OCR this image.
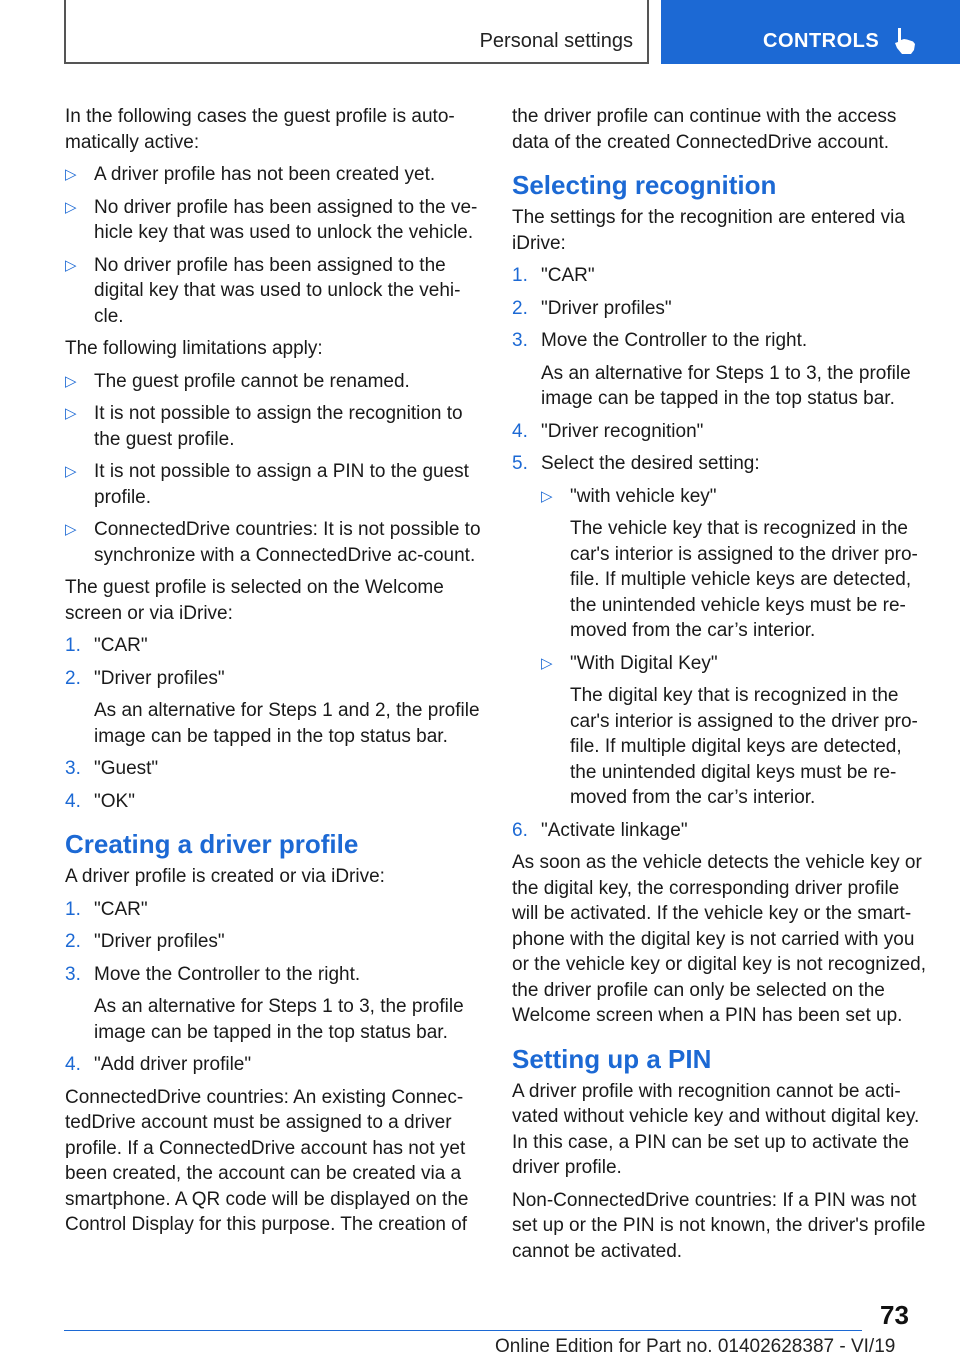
Personal settings	CONTROLS

In the following cases the guest profile is auto-matically active:

▷ A driver profile has not been created yet.
▷ No driver profile has been assigned to the ve-hicle key that was used to unlock the vehicle.
▷ No driver profile has been assigned to the digital key that was used to unlock the vehi-cle.

The following limitations apply:

▷ The guest profile cannot be renamed.
▷ It is not possible to assign the recognition to the guest profile.
▷ It is not possible to assign a PIN to the guest profile.
▷ ConnectedDrive countries: It is not possible to synchronize with a ConnectedDrive ac-count.

The guest profile is selected on the Welcome screen or via iDrive:

1. "CAR"
2. "Driver profiles"
As an alternative for Steps 1 and 2, the profile image can be tapped in the top status bar.
3. "Guest"
4. "OK"
Creating a driver profile

A driver profile is created or via iDrive:

1. "CAR"
2. "Driver profiles"
3. Move the Controller to the right.
As an alternative for Steps 1 to 3, the profile image can be tapped in the top status bar.
4. "Add driver profile"

ConnectedDrive countries: An existing Connec-tedDrive account must be assigned to a driver profile. If a ConnectedDrive account has not yet been created, the account can be created via a smartphone. A QR code will be displayed on the Control Display for this purpose. The creation of

the driver profile can continue with the access data of the created ConnectedDrive account.

Selecting recognition

The settings for the recognition are entered via iDrive:

1. "CAR"
2. "Driver profiles"
3. Move the Controller to the right.
As an alternative for Steps 1 to 3, the profile image can be tapped in the top status bar.
4. "Driver recognition"
5. Select the desired setting:
▷ "with vehicle key"
The vehicle key that is recognized in the car's interior is assigned to the driver pro-file. If multiple vehicle keys are detected, the unintended vehicle keys must be re-moved from the car’s interior.
▷ "With Digital Key"
The digital key that is recognized in the car's interior is assigned to the driver pro-file. If multiple digital keys are detected, the unintended digital keys must be re-moved from the car’s interior.
6. "Activate linkage"

As soon as the vehicle detects the vehicle key or the digital key, the corresponding driver profile will be activated. If the vehicle key or the smart-phone with the digital key is not carried with you or the vehicle key or digital key is not recognized, the driver profile can only be selected on the Welcome screen when a PIN has been set up.

Setting up a PIN

A driver profile with recognition cannot be acti-vated without vehicle key and without digital key. In this case, a PIN can be set up to activate the driver profile.

Non-ConnectedDrive countries: If a PIN was not set up or the PIN is not known, the driver's profile cannot be activated.

73
Online Edition for Part no. 01402628387 - VI/19
